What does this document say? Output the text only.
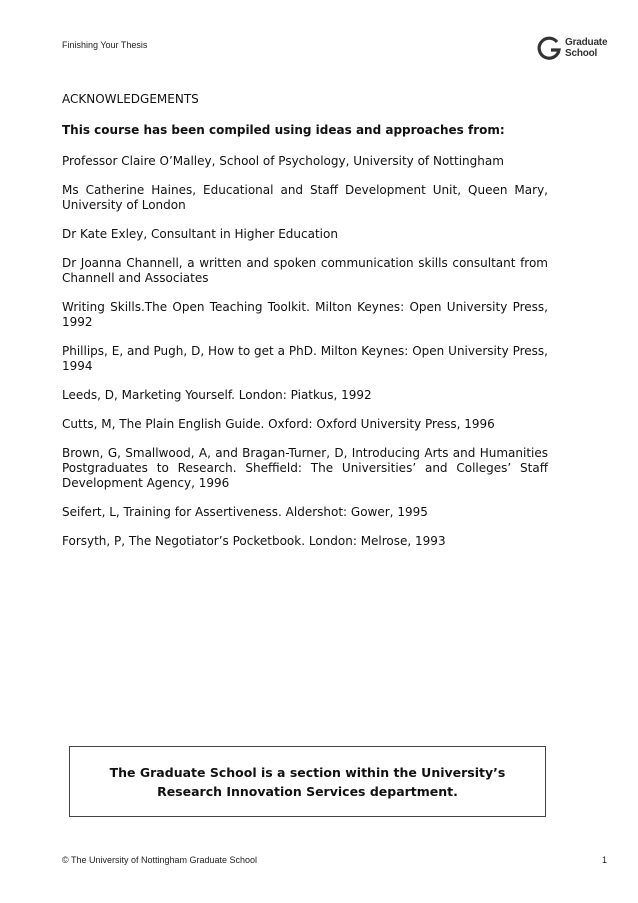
Finishing Your Thesis	Graduate
School

ACKNOWLEDGEMENTS

This course has been compiled using ideas and approaches from:

Professor Claire O’Malley, School of Psychology, University of Nottingham

Ms Catherine Haines, Educational and Staff Development Unit, Queen Mary, University of London

Dr Kate Exley, Consultant in Higher Education

Dr Joanna Channell, a written and spoken communication skills consultant from Channell and Associates

Writing Skills.The Open Teaching Toolkit. Milton Keynes: Open University Press, 1992

Phillips, E, and Pugh, D, How to get a PhD. Milton Keynes: Open University Press, 1994

Leeds, D, Marketing Yourself. London: Piatkus, 1992

Cutts, M, The Plain English Guide. Oxford: Oxford University Press, 1996

Brown, G, Smallwood, A, and Bragan-Turner, D, Introducing Arts and Humanities Postgraduates to Research. Sheffield: The Universities’ and Colleges’ Staff Development Agency, 1996

Seifert, L, Training for Assertiveness. Aldershot: Gower, 1995

Forsyth, P, The Negotiator’s Pocketbook. London: Melrose, 1993

The Graduate School is a section within the University’s
Research Innovation Services department.
© The University of Nottingham Graduate School	1
